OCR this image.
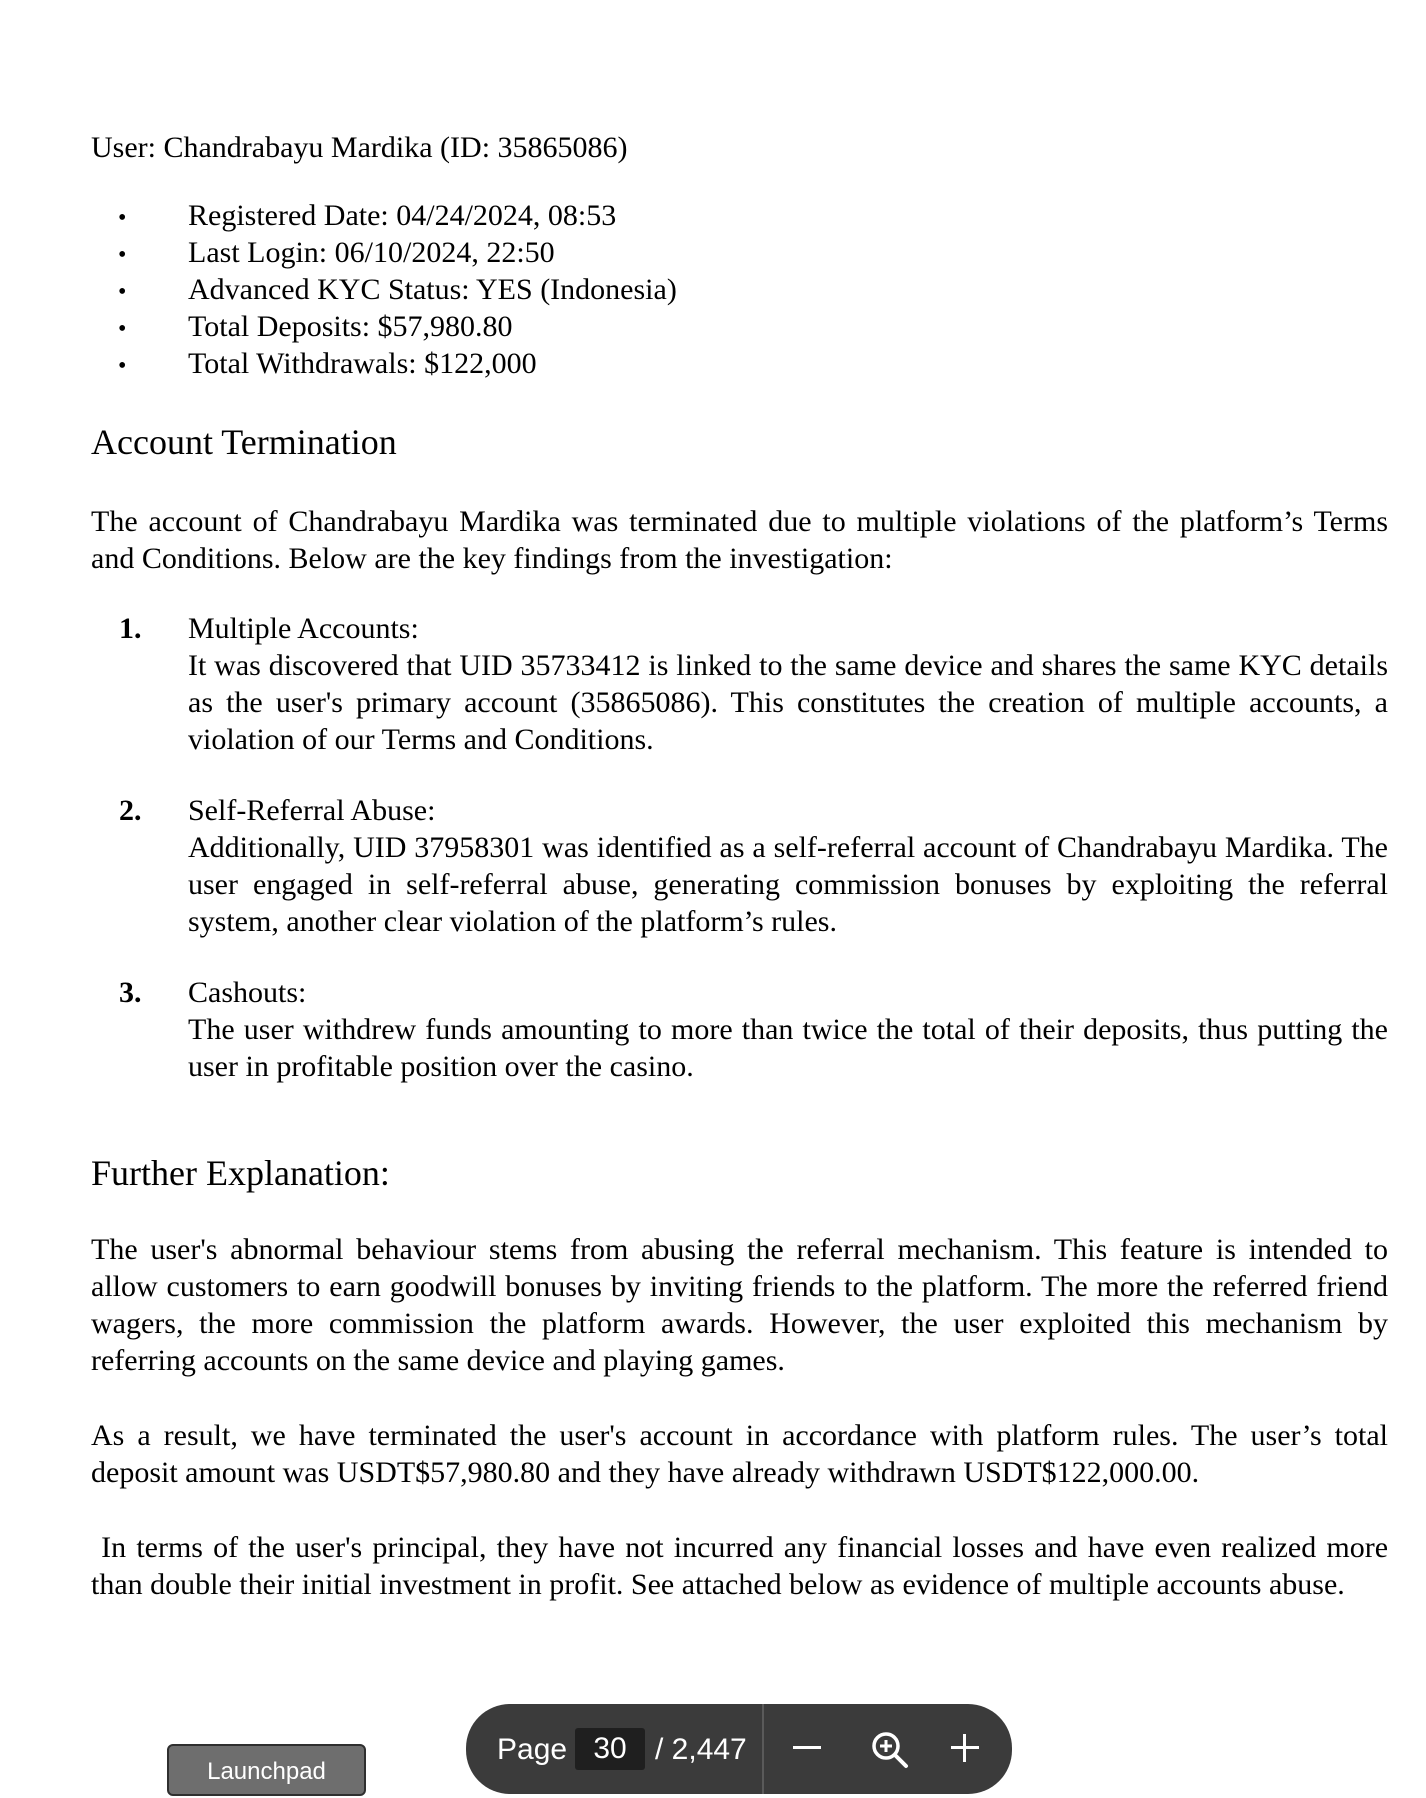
User: Chandrabayu Mardika (ID: 35865086)
• Registered Date: 04/24/2024, 08:53
• Last Login: 06/10/2024, 22:50
• Advanced KYC Status: YES (Indonesia)
• Total Deposits: $57,980.80
• Total Withdrawals: $122,000
Account Termination
The account of Chandrabayu Mardika was terminated due to multiple violations of the platform’s Terms and Conditions. Below are the key findings from the investigation:
1. Multiple Accounts:
It was discovered that UID 35733412 is linked to the same device and shares the same KYC details as the user's primary account (35865086). This constitutes the creation of multiple accounts, a violation of our Terms and Conditions.
2. Self-Referral Abuse:
Additionally, UID 37958301 was identified as a self-referral account of Chandrabayu Mardika. The user engaged in self-referral abuse, generating commission bonuses by exploiting the referral system, another clear violation of the platform’s rules.
3. Cashouts:
The user withdrew funds amounting to more than twice the total of their deposits, thus putting the user in profitable position over the casino.
Further Explanation:
The user's abnormal behaviour stems from abusing the referral mechanism. This feature is intended to allow customers to earn goodwill bonuses by inviting friends to the platform. The more the referred friend wagers, the more commission the platform awards. However, the user exploited this mechanism by referring accounts on the same device and playing games.
As a result, we have terminated the user's account in accordance with platform rules. The user’s total deposit amount was USDT$57,980.80 and they have already withdrawn USDT$122,000.00.
In terms of the user's principal, they have not incurred any financial losses and have even realized more than double their initial investment in profit. See attached below as evidence of multiple accounts abuse.
Launchpad
Page 30 / 2,447
